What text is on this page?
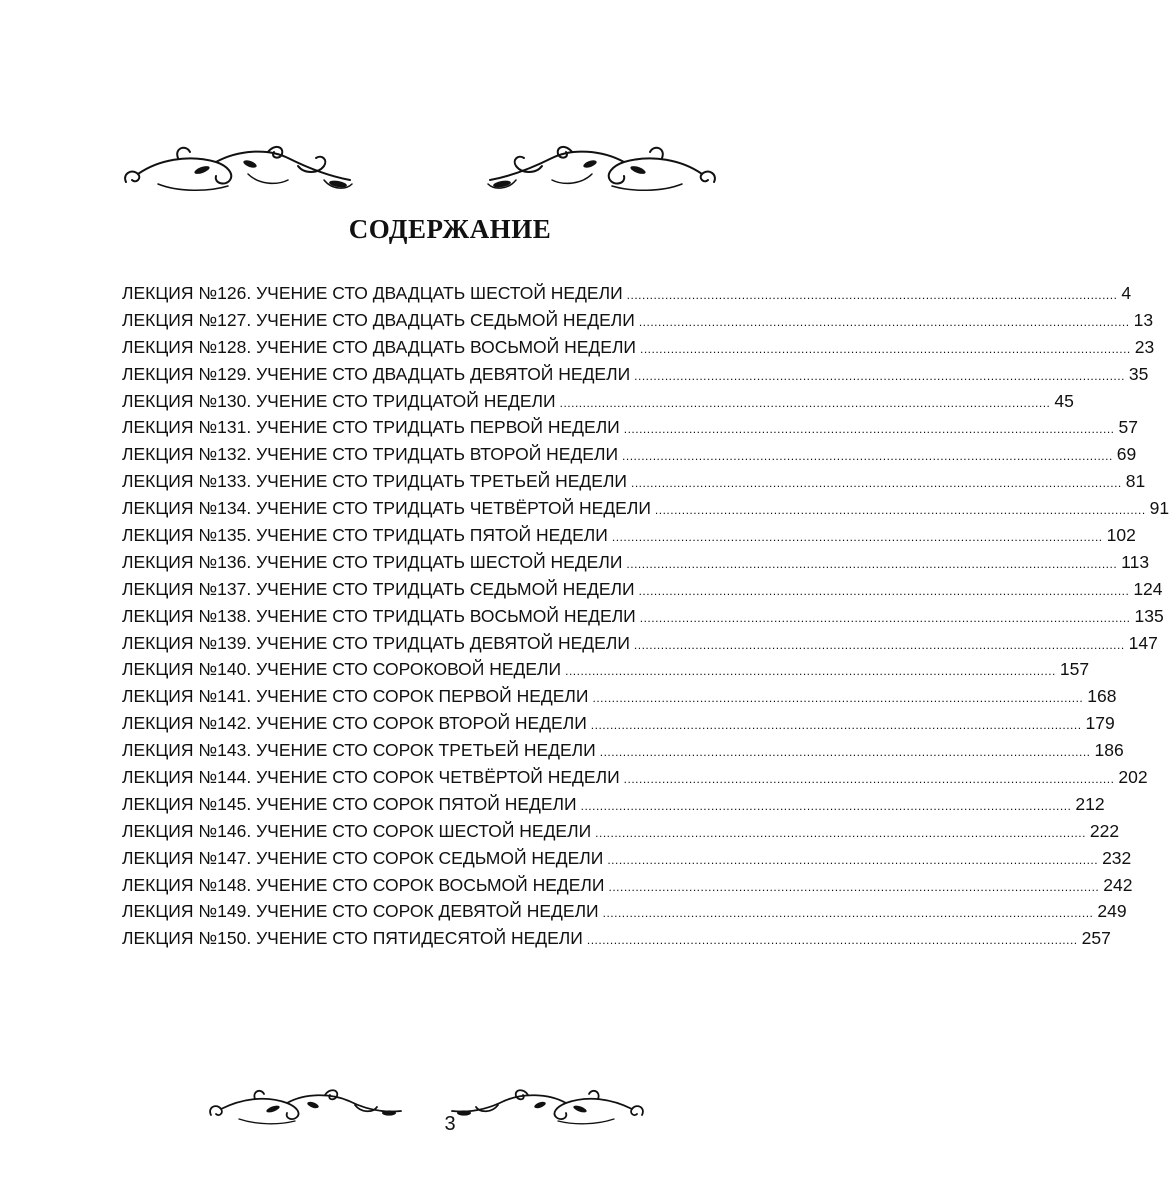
СОДЕРЖАНИЕ
ЛЕКЦИЯ №126. УЧЕНИЕ СТО ДВАДЦАТЬ ШЕСТОЙ НЕДЕЛИ ................................................................................................................................ 4
ЛЕКЦИЯ №127. УЧЕНИЕ СТО ДВАДЦАТЬ СЕДЬМОЙ НЕДЕЛИ ................................................................................................................................ 13
ЛЕКЦИЯ №128. УЧЕНИЕ СТО ДВАДЦАТЬ ВОСЬМОЙ НЕДЕЛИ ................................................................................................................................ 23
ЛЕКЦИЯ №129. УЧЕНИЕ СТО ДВАДЦАТЬ ДЕВЯТОЙ НЕДЕЛИ ................................................................................................................................ 35
ЛЕКЦИЯ №130. УЧЕНИЕ СТО ТРИДЦАТОЙ НЕДЕЛИ ................................................................................................................................ 45
ЛЕКЦИЯ №131. УЧЕНИЕ СТО ТРИДЦАТЬ ПЕРВОЙ НЕДЕЛИ ................................................................................................................................ 57
ЛЕКЦИЯ №132. УЧЕНИЕ СТО ТРИДЦАТЬ ВТОРОЙ НЕДЕЛИ ................................................................................................................................ 69
ЛЕКЦИЯ №133. УЧЕНИЕ СТО ТРИДЦАТЬ ТРЕТЬЕЙ НЕДЕЛИ ................................................................................................................................ 81
ЛЕКЦИЯ №134. УЧЕНИЕ СТО ТРИДЦАТЬ ЧЕТВЁРТОЙ НЕДЕЛИ ................................................................................................................................ 91
ЛЕКЦИЯ №135. УЧЕНИЕ СТО ТРИДЦАТЬ ПЯТОЙ НЕДЕЛИ ................................................................................................................................ 102
ЛЕКЦИЯ №136. УЧЕНИЕ СТО ТРИДЦАТЬ ШЕСТОЙ НЕДЕЛИ ................................................................................................................................ 113
ЛЕКЦИЯ №137. УЧЕНИЕ СТО ТРИДЦАТЬ СЕДЬМОЙ НЕДЕЛИ ................................................................................................................................ 124
ЛЕКЦИЯ №138. УЧЕНИЕ СТО ТРИДЦАТЬ ВОСЬМОЙ НЕДЕЛИ ................................................................................................................................ 135
ЛЕКЦИЯ №139. УЧЕНИЕ СТО ТРИДЦАТЬ ДЕВЯТОЙ НЕДЕЛИ ................................................................................................................................ 147
ЛЕКЦИЯ №140. УЧЕНИЕ СТО СОРОКОВОЙ НЕДЕЛИ ................................................................................................................................ 157
ЛЕКЦИЯ №141. УЧЕНИЕ СТО СОРОК ПЕРВОЙ НЕДЕЛИ ................................................................................................................................ 168
ЛЕКЦИЯ №142. УЧЕНИЕ СТО СОРОК ВТОРОЙ НЕДЕЛИ ................................................................................................................................ 179
ЛЕКЦИЯ №143. УЧЕНИЕ СТО СОРОК ТРЕТЬЕЙ НЕДЕЛИ ................................................................................................................................ 186
ЛЕКЦИЯ №144. УЧЕНИЕ СТО СОРОК ЧЕТВЁРТОЙ НЕДЕЛИ ................................................................................................................................ 202
ЛЕКЦИЯ №145. УЧЕНИЕ СТО СОРОК ПЯТОЙ НЕДЕЛИ ................................................................................................................................ 212
ЛЕКЦИЯ №146. УЧЕНИЕ СТО СОРОК ШЕСТОЙ НЕДЕЛИ ................................................................................................................................ 222
ЛЕКЦИЯ №147. УЧЕНИЕ СТО СОРОК СЕДЬМОЙ НЕДЕЛИ ................................................................................................................................ 232
ЛЕКЦИЯ №148. УЧЕНИЕ СТО СОРОК ВОСЬМОЙ НЕДЕЛИ ................................................................................................................................ 242
ЛЕКЦИЯ №149. УЧЕНИЕ СТО СОРОК ДЕВЯТОЙ НЕДЕЛИ ................................................................................................................................ 249
ЛЕКЦИЯ №150. УЧЕНИЕ СТО ПЯТИДЕСЯТОЙ НЕДЕЛИ ................................................................................................................................ 257
3
